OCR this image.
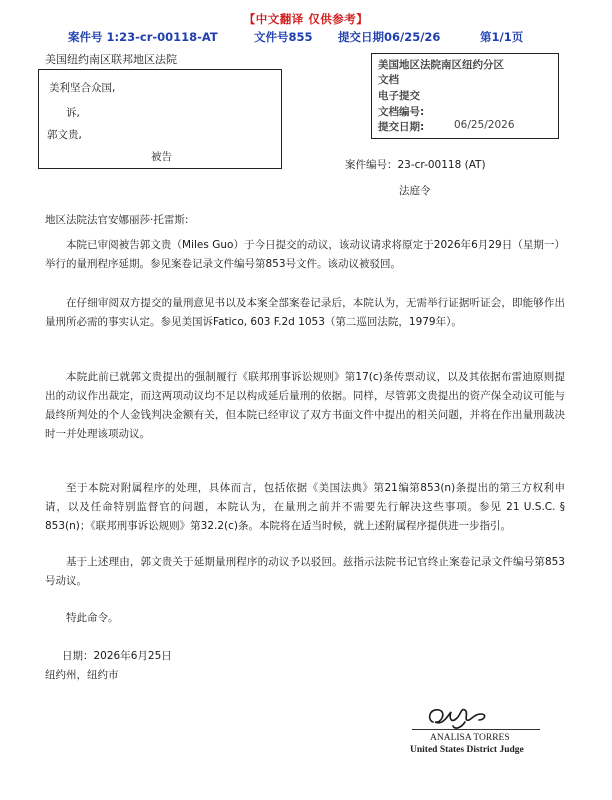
【中文翻译 仅供参考】
案件号 1:23-cr-00118-AT	文件号855 提交日期06/25/26	第1/1页
美国纽约南区联邦地区法院
美利坚合众国,
诉,
郭文贵,
被告
美国地区法院南区纽约分区
文档
电子提交
文档编号:
提交日期:	06/25/2026
案件编号：23-cr-00118 (AT)
法庭令
地区法院法官安娜丽莎·托雷斯:

本院已审阅被告郭文贵（Miles Guo）于今日提交的动议，该动议请求将原定于2026年6月29日（星期一）举行的量刑程序延期。参见案卷记录文件编号第853号文件。该动议被驳回。

在仔细审阅双方提交的量刑意见书以及本案全部案卷记录后，本院认为，无需举行证据听证会，即能够作出量刑所必需的事实认定。参见美国诉Fatico, 603 F.2d 1053（第二巡回法院，1979年）。

本院此前已就郭文贵提出的强制履行《联邦刑事诉讼规则》第17(c)条传票动议，以及其依据布雷迪原则提出的动议作出裁定，而这两项动议均不足以构成延后量刑的依据。同样，尽管郭文贵提出的资产保全动议可能与最终所判处的个人金钱判决金额有关，但本院已经审议了双方书面文件中提出的相关问题，并将在作出量刑裁决时一并处理该项动议。

至于本院对附属程序的处理，具体而言，包括依据《美国法典》第21编第853(n)条提出的第三方权利申请，以及任命特别监督官的问题，本院认为，在量刑之前并不需要先行解决这些事项。参见 21 U.S.C. § 853(n)；《联邦刑事诉讼规则》第32.2(c)条。本院将在适当时候，就上述附属程序提供进一步指引。

基于上述理由，郭文贵关于延期量刑程序的动议予以驳回。兹指示法院书记官终止案卷记录文件编号第853号动议。

特此命令。

日期：2026年6月25日
纽约州，纽约市
ANALISA TORRES
United States District Judge
